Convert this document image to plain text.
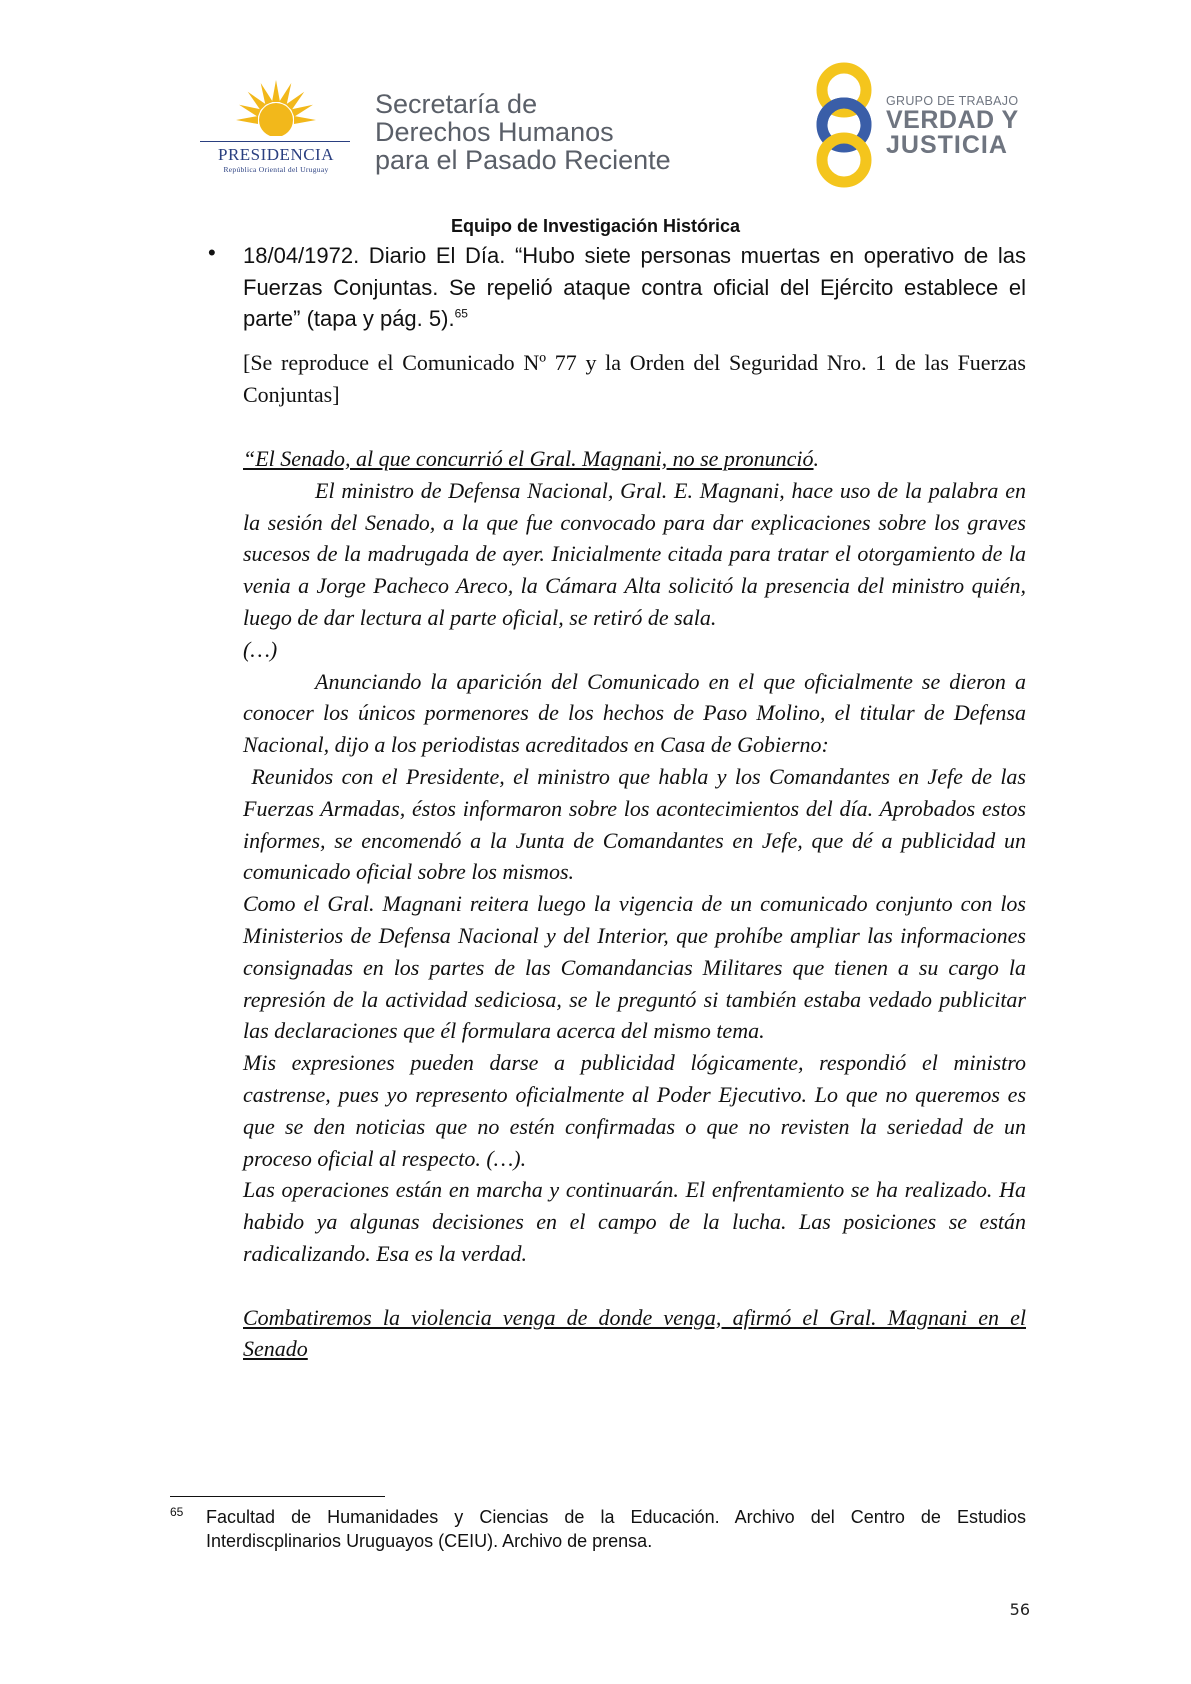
PRESIDENCIA
República Oriental del Uruguay
Secretaría de
Derechos Humanos
para el Pasado Reciente
GRUPO DE TRABAJO
VERDAD Y
JUSTICIA
Equipo de Investigación Histórica
• 18/04/1972. Diario El Día. “Hubo siete personas muertas en operativo de las Fuerzas Conjuntas. Se repelió ataque contra oficial del Ejército establece el parte” (tapa y pág. 5).$^{65}$
[Se reproduce el Comunicado Nº 77 y la Orden del Seguridad Nro. 1 de las Fuerzas Conjuntas]

“El Senado, al que concurrió el Gral. Magnani, no se pronunció.

El ministro de Defensa Nacional, Gral. E. Magnani, hace uso de la palabra en la sesión del Senado, a la que fue convocado para dar explicaciones sobre los graves sucesos de la madrugada de ayer. Inicialmente citada para tratar el otorgamiento de la venia a Jorge Pacheco Areco, la Cámara Alta solicitó la presencia del ministro quién, luego de dar lectura al parte oficial, se retiró de sala.

(…)

Anunciando la aparición del Comunicado en el que oficialmente se dieron a conocer los únicos pormenores de los hechos de Paso Molino, el titular de Defensa Nacional, dijo a los periodistas acreditados en Casa de Gobierno:

Reunidos con el Presidente, el ministro que habla y los Comandantes en Jefe de las Fuerzas Armadas, éstos informaron sobre los acontecimientos del día. Aprobados estos informes, se encomendó a la Junta de Comandantes en Jefe, que dé a publicidad un comunicado oficial sobre los mismos.

Como el Gral. Magnani reitera luego la vigencia de un comunicado conjunto con los Ministerios de Defensa Nacional y del Interior, que prohíbe ampliar las informaciones consignadas en los partes de las Comandancias Militares que tienen a su cargo la represión de la actividad sediciosa, se le preguntó si también estaba vedado publicitar las declaraciones que él formulara acerca del mismo tema.

Mis expresiones pueden darse a publicidad lógicamente, respondió el ministro castrense, pues yo represento oficialmente al Poder Ejecutivo. Lo que no queremos es que se den noticias que no estén confirmadas o que no revisten la seriedad de un proceso oficial al respecto. (…).

Las operaciones están en marcha y continuarán. El enfrentamiento se ha realizado. Ha habido ya algunas decisiones en el campo de la lucha. Las posiciones se están radicalizando. Esa es la verdad.

Combatiremos la violencia venga de donde venga, afirmó el Gral. Magnani en el Senado

65 Facultad de Humanidades y Ciencias de la Educación. Archivo del Centro de Estudios Interdiscplinarios Uruguayos (CEIU). Archivo de prensa.
56
